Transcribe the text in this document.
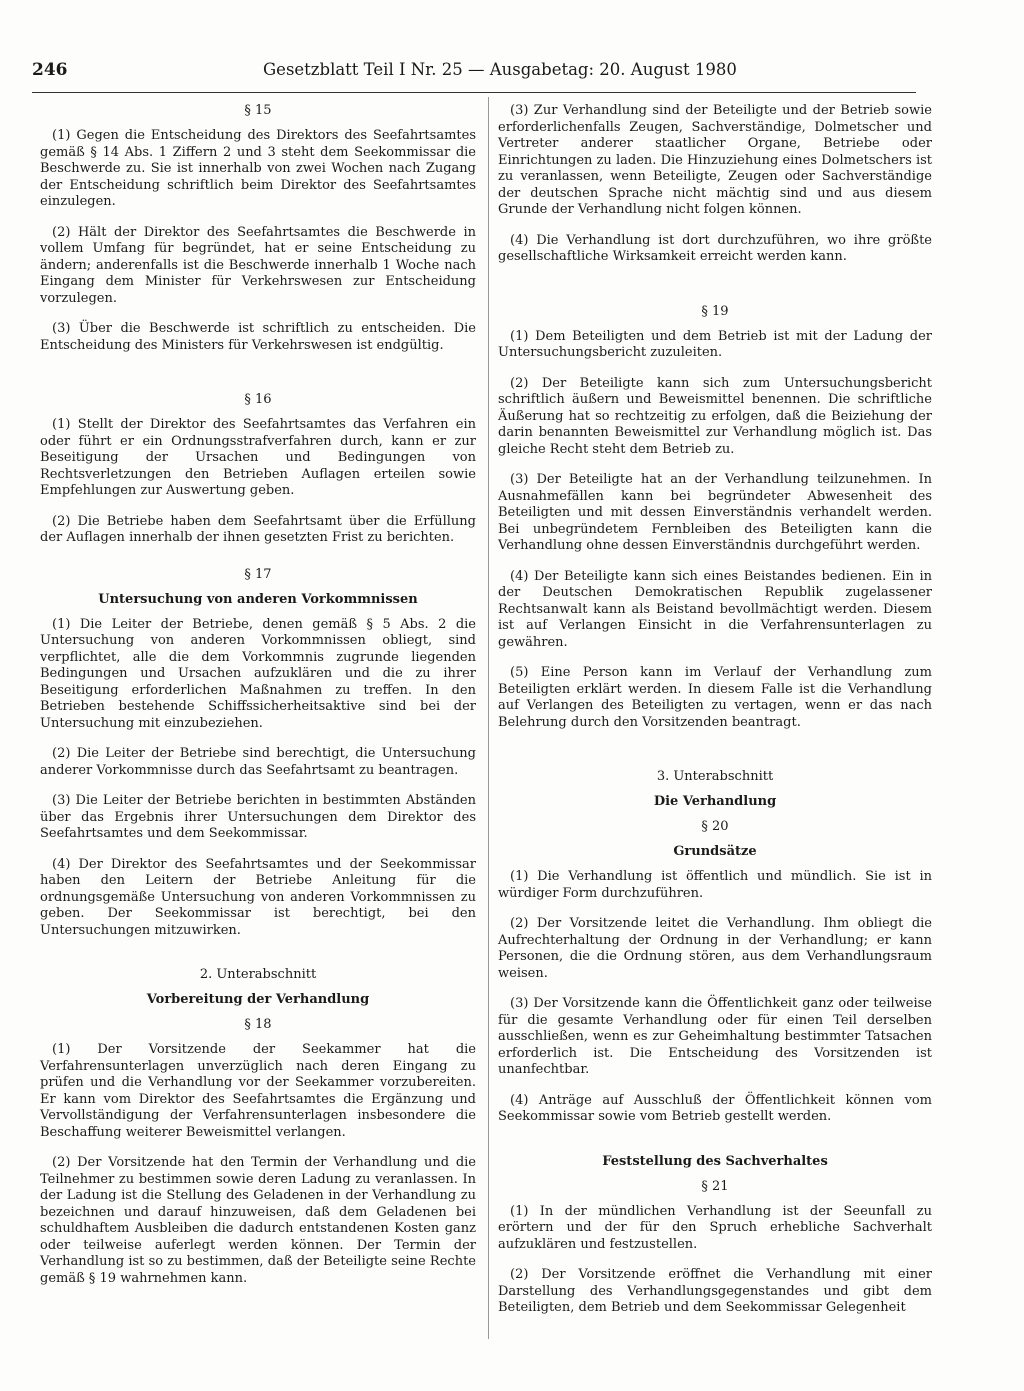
246	Gesetzblatt Teil I Nr. 25 — Ausgabetag: 20. August 1980
§ 15

(1) Gegen die Entscheidung des Direktors des Seefahrtsamtes gemäß § 14 Abs. 1 Ziffern 2 und 3 steht dem Seekommissar die Beschwerde zu. Sie ist innerhalb von zwei Wochen nach Zugang der Entscheidung schriftlich beim Direktor des Seefahrtsamtes einzulegen.

(2) Hält der Direktor des Seefahrtsamtes die Beschwerde in vollem Umfang für begründet, hat er seine Entscheidung zu ändern; anderenfalls ist die Beschwerde innerhalb 1 Woche nach Eingang dem Minister für Verkehrswesen zur Entscheidung vorzulegen.

(3) Über die Beschwerde ist schriftlich zu entscheiden. Die Entscheidung des Ministers für Verkehrswesen ist endgültig.

§ 16

(1) Stellt der Direktor des Seefahrtsamtes das Verfahren ein oder führt er ein Ordnungsstrafverfahren durch, kann er zur Beseitigung der Ursachen und Bedingungen von Rechtsverletzungen den Betrieben Auflagen erteilen sowie Empfehlungen zur Auswertung geben.

(2) Die Betriebe haben dem Seefahrtsamt über die Erfüllung der Auflagen innerhalb der ihnen gesetzten Frist zu berichten.

§ 17
Untersuchung von anderen Vorkommnissen

(1) Die Leiter der Betriebe, denen gemäß § 5 Abs. 2 die Untersuchung von anderen Vorkommnissen obliegt, sind verpflichtet, alle die dem Vorkommnis zugrunde liegenden Bedingungen und Ursachen aufzuklären und die zu ihrer Beseitigung erforderlichen Maßnahmen zu treffen. In den Betrieben bestehende Schiffssicherheitsaktive sind bei der Untersuchung mit einzubeziehen.

(2) Die Leiter der Betriebe sind berechtigt, die Untersuchung anderer Vorkommnisse durch das Seefahrtsamt zu beantragen.

(3) Die Leiter der Betriebe berichten in bestimmten Abständen über das Ergebnis ihrer Untersuchungen dem Direktor des Seefahrtsamtes und dem Seekommissar.

(4) Der Direktor des Seefahrtsamtes und der Seekommissar haben den Leitern der Betriebe Anleitung für die ordnungsgemäße Untersuchung von anderen Vorkommnissen zu geben. Der Seekommissar ist berechtigt, bei den Untersuchungen mitzuwirken.

2. Unterabschnitt
Vorbereitung der Verhandlung
§ 18

(1) Der Vorsitzende der Seekammer hat die Verfahrensunterlagen unverzüglich nach deren Eingang zu prüfen und die Verhandlung vor der Seekammer vorzubereiten. Er kann vom Direktor des Seefahrtsamtes die Ergänzung und Vervollständigung der Verfahrensunterlagen insbesondere die Beschaffung weiterer Beweismittel verlangen.

(2) Der Vorsitzende hat den Termin der Verhandlung und die Teilnehmer zu bestimmen sowie deren Ladung zu veranlassen. In der Ladung ist die Stellung des Geladenen in der Verhandlung zu bezeichnen und darauf hinzuweisen, daß dem Geladenen bei schuldhaftem Ausbleiben die dadurch entstandenen Kosten ganz oder teilweise auferlegt werden können. Der Termin der Verhandlung ist so zu bestimmen, daß der Beteiligte seine Rechte gemäß § 19 wahrnehmen kann.

(3) Zur Verhandlung sind der Beteiligte und der Betrieb sowie erforderlichenfalls Zeugen, Sachverständige, Dolmetscher und Vertreter anderer staatlicher Organe, Betriebe oder Einrichtungen zu laden. Die Hinzuziehung eines Dolmetschers ist zu veranlassen, wenn Beteiligte, Zeugen oder Sachverständige der deutschen Sprache nicht mächtig sind und aus diesem Grunde der Verhandlung nicht folgen können.

(4) Die Verhandlung ist dort durchzuführen, wo ihre größte gesellschaftliche Wirksamkeit erreicht werden kann.

§ 19

(1) Dem Beteiligten und dem Betrieb ist mit der Ladung der Untersuchungsbericht zuzuleiten.

(2) Der Beteiligte kann sich zum Untersuchungsbericht schriftlich äußern und Beweismittel benennen. Die schriftliche Äußerung hat so rechtzeitig zu erfolgen, daß die Beiziehung der darin benannten Beweismittel zur Verhandlung möglich ist. Das gleiche Recht steht dem Betrieb zu.

(3) Der Beteiligte hat an der Verhandlung teilzunehmen. In Ausnahmefällen kann bei begründeter Abwesenheit des Beteiligten und mit dessen Einverständnis verhandelt werden. Bei unbegründetem Fernbleiben des Beteiligten kann die Verhandlung ohne dessen Einverständnis durchgeführt werden.

(4) Der Beteiligte kann sich eines Beistandes bedienen. Ein in der Deutschen Demokratischen Republik zugelassener Rechtsanwalt kann als Beistand bevollmächtigt werden. Diesem ist auf Verlangen Einsicht in die Verfahrensunterlagen zu gewähren.

(5) Eine Person kann im Verlauf der Verhandlung zum Beteiligten erklärt werden. In diesem Falle ist die Verhandlung auf Verlangen des Beteiligten zu vertagen, wenn er das nach Belehrung durch den Vorsitzenden beantragt.

3. Unterabschnitt
Die Verhandlung
§ 20
Grundsätze

(1) Die Verhandlung ist öffentlich und mündlich. Sie ist in würdiger Form durchzuführen.

(2) Der Vorsitzende leitet die Verhandlung. Ihm obliegt die Aufrechterhaltung der Ordnung in der Verhandlung; er kann Personen, die die Ordnung stören, aus dem Verhandlungsraum weisen.

(3) Der Vorsitzende kann die Öffentlichkeit ganz oder teilweise für die gesamte Verhandlung oder für einen Teil derselben ausschließen, wenn es zur Geheimhaltung bestimmter Tatsachen erforderlich ist. Die Entscheidung des Vorsitzenden ist unanfechtbar.

(4) Anträge auf Ausschluß der Öffentlichkeit können vom Seekommissar sowie vom Betrieb gestellt werden.

Feststellung des Sachverhaltes
§ 21

(1) In der mündlichen Verhandlung ist der Seeunfall zu erörtern und der für den Spruch erhebliche Sachverhalt aufzuklären und festzustellen.

(2) Der Vorsitzende eröffnet die Verhandlung mit einer Darstellung des Verhandlungsgegenstandes und gibt dem Beteiligten, dem Betrieb und dem Seekommissar Gelegenheit
